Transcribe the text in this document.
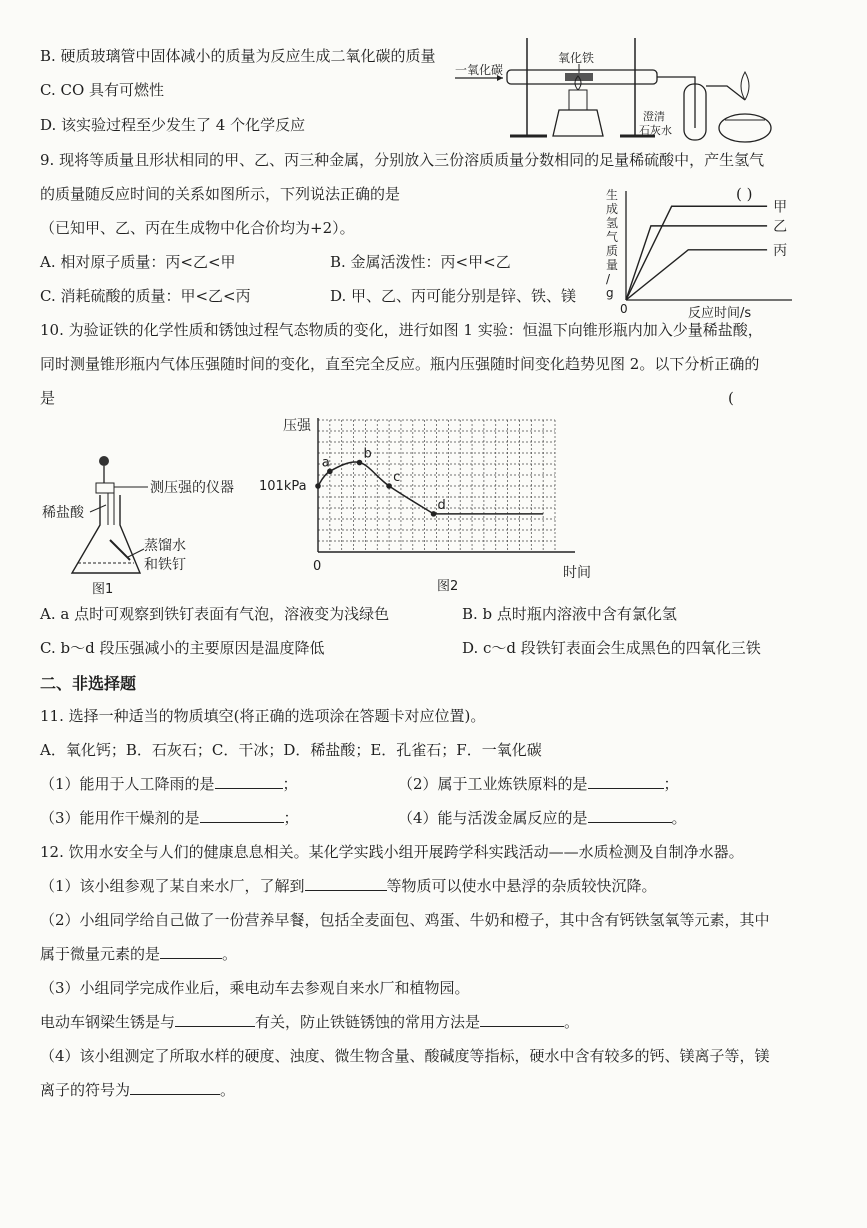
B. 硬质玻璃管中固体减小的质量为反应生成二氧化碳的质量
C. CO 具有可燃性
D. 该实验过程至少发生了 4 个化学反应
一氧化碳
氧化铁
澄清
石灰水
9. 现将等质量且形状相同的甲、乙、丙三种金属，分别放入三份溶质质量分数相同的足量稀硫酸中，产生氢气
的质量随反应时间的关系如图所示，下列说法正确的是	( )
（已知甲、乙、丙在生成物中化合价均为+2）。
A. 相对原子质量：丙<乙<甲	B. 金属活泼性：丙<甲<乙
C. 消耗硫酸的质量：甲<乙<丙	D. 甲、乙、丙可能分别是锌、铁、镁
生
成
氢
气
质
量
/
g
0	反应时间/s
甲
乙
丙
10. 为验证铁的化学性质和锈蚀过程气态物质的变化，进行如图 1 实验：恒温下向锥形瓶内加入少量稀盐酸，
同时测量锥形瓶内气体压强随时间的变化，直至完全反应。瓶内压强随时间变化趋势见图 2。以下分析正确的
是	(
测压强的仪器
稀盐酸
蒸馏水
和铁钉
图1
压强
101kPa
0	时间
图2
a
b
c
d
A. a 点时可观察到铁钉表面有气泡，溶液变为浅绿色	B. b 点时瓶内溶液中含有氯化氢
C. b～d 段压强减小的主要原因是温度降低	D. c～d 段铁钉表面会生成黑色的四氧化三铁
二、非选择题
11. 选择一种适当的物质填空(将正确的选项涂在答题卡对应位置)。
A．氧化钙；B．石灰石；C．干冰；D．稀盐酸；E．孔雀石；F．一氧化碳
（1）能用于人工降雨的是	；	（2）属于工业炼铁原料的是	；
（3）能用作干燥剂的是	；	（4）能与活泼金属反应的是	。
12. 饮用水安全与人们的健康息息相关。某化学实践小组开展跨学科实践活动——水质检测及自制净水器。
（1）该小组参观了某自来水厂，了解到	等物质可以使水中悬浮的杂质较快沉降。
（2）小组同学给自己做了一份营养早餐，包括全麦面包、鸡蛋、牛奶和橙子，其中含有钙铁氢氧等元素，其中
属于微量元素的是	。
（3）小组同学完成作业后，乘电动车去参观自来水厂和植物园。
电动车钢梁生锈是与	有关，防止铁链锈蚀的常用方法是	。
（4）该小组测定了所取水样的硬度、浊度、微生物含量、酸碱度等指标，硬水中含有较多的钙、镁离子等，镁
离子的符号为	。
